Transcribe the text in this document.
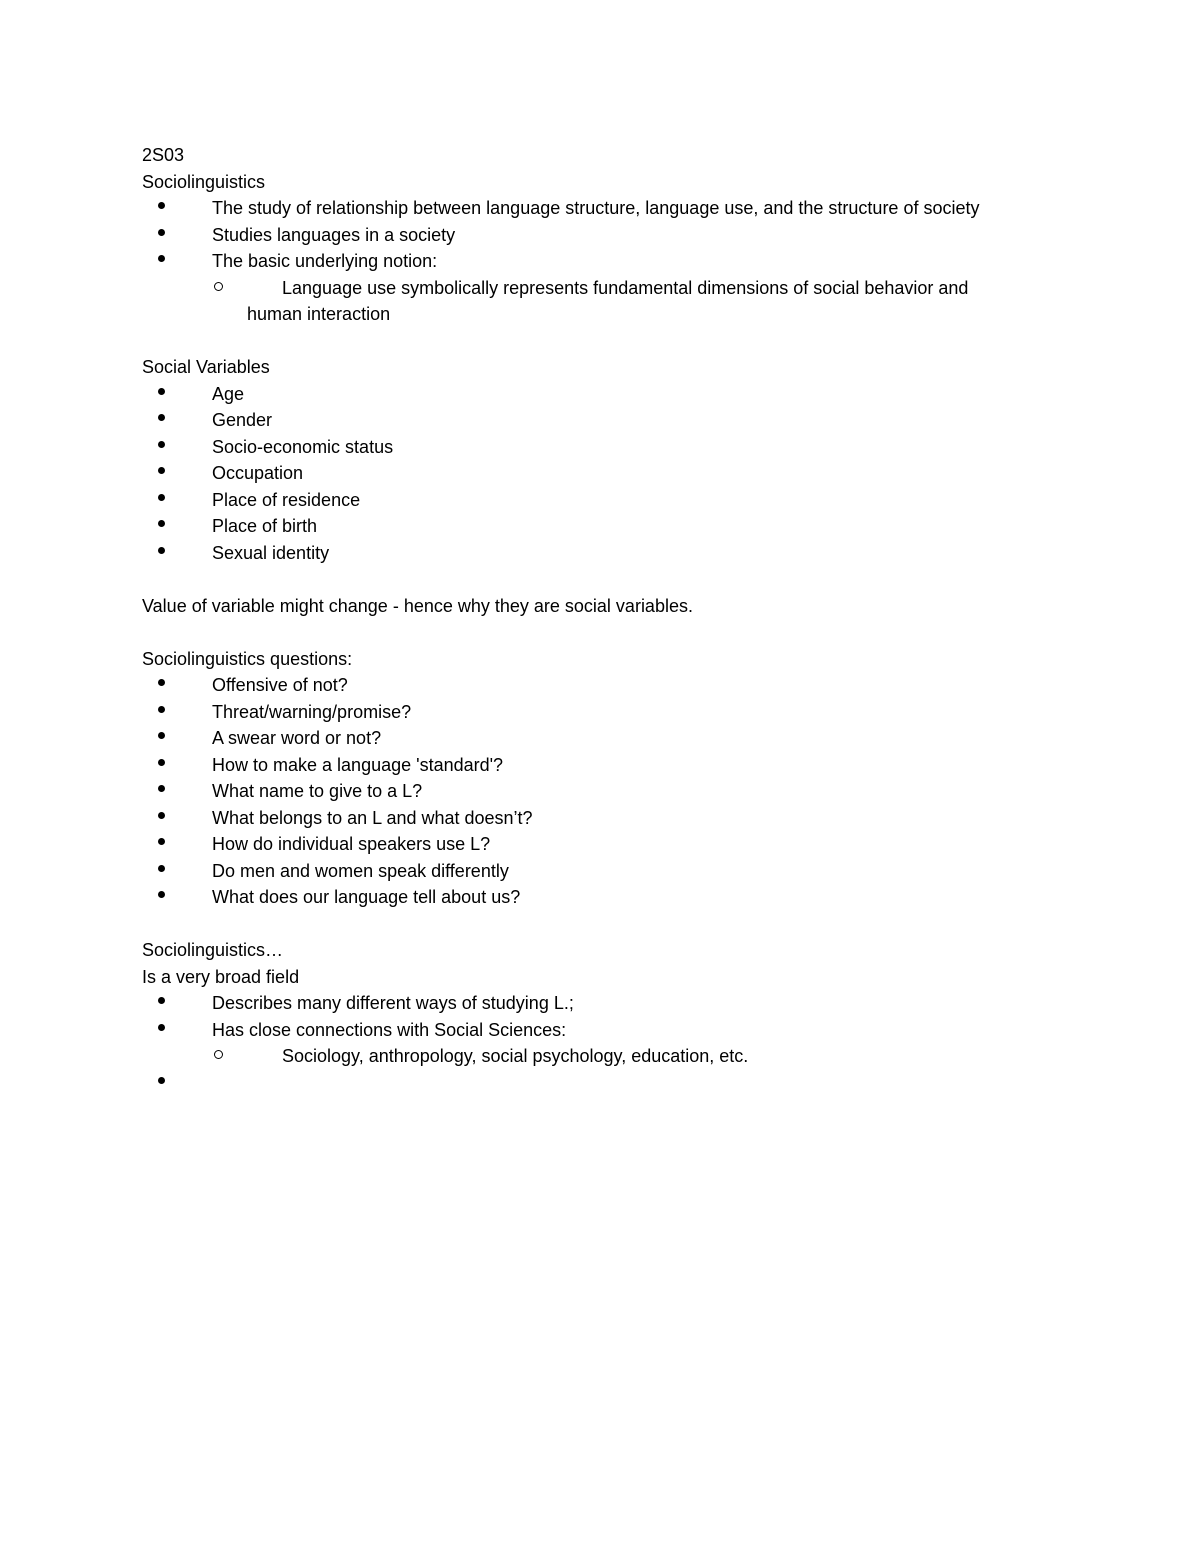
2S03
Sociolinguistics
The study of relationship between language structure, language use, and the structure of society
Studies languages in a society
The basic underlying notion:
Language use symbolically represents fundamental dimensions of social behavior and
human interaction
Social Variables
Age
Gender
Socio-economic status
Occupation
Place of residence
Place of birth
Sexual identity
Value of variable might change - hence why they are social variables.
Sociolinguistics questions:
Offensive of not?
Threat/warning/promise?
A swear word or not?
How to make a language 'standard'?
What name to give to a L?
What belongs to an L and what doesn’t?
How do individual speakers use L?
Do men and women speak differently
What does our language tell about us?
Sociolinguistics…
Is a very broad field
Describes many different ways of studying L.;
Has close connections with Social Sciences:
Sociology, anthropology, social psychology, education, etc.
